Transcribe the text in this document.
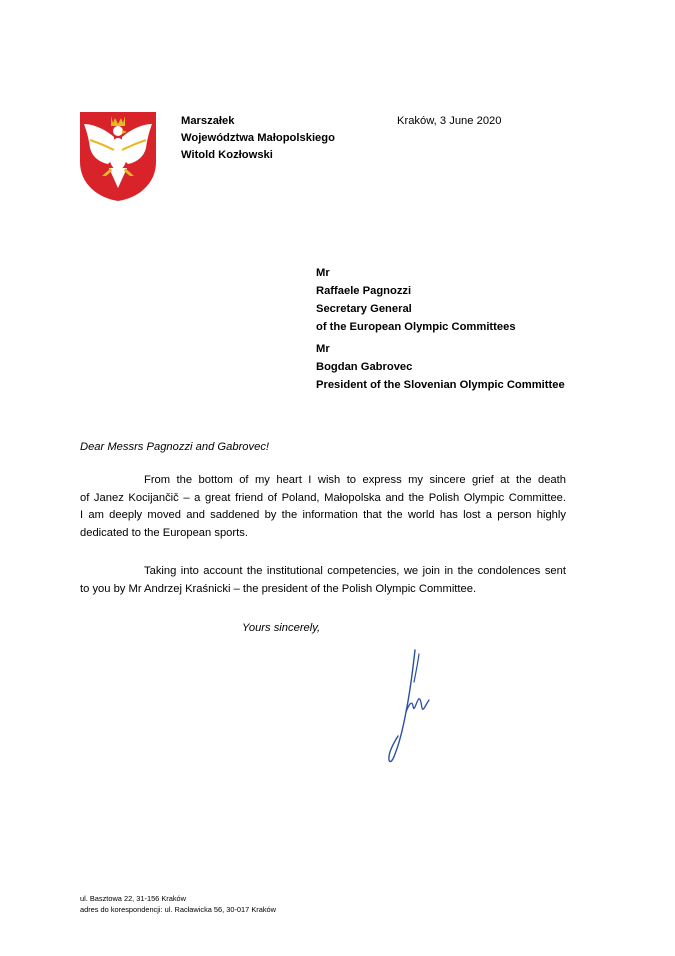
Marszałek
Województwa Małopolskiego
Witold Kozłowski
Kraków, 3 June 2020
Mr
Raffaele Pagnozzi
Secretary General
of the European Olympic Committees
Mr
Bogdan Gabrovec
President of the Slovenian Olympic Committee
Dear Messrs Pagnozzi and Gabrovec!
From the bottom of my heart I wish to express my sincere grief at the death
of Janez Kocijančič – a great friend of Poland, Małopolska and the Polish Olympic Committee.
I am deeply moved and saddened by the information that the world has lost a person highly
dedicated to the European sports.
Taking into account the institutional competencies, we join in the condolences sent
to you by Mr Andrzej Kraśnicki – the president of the Polish Olympic Committee.
Yours sincerely,
ul. Basztowa 22, 31-156 Kraków
adres do korespondencji: ul. Racławicka 56, 30-017 Kraków
